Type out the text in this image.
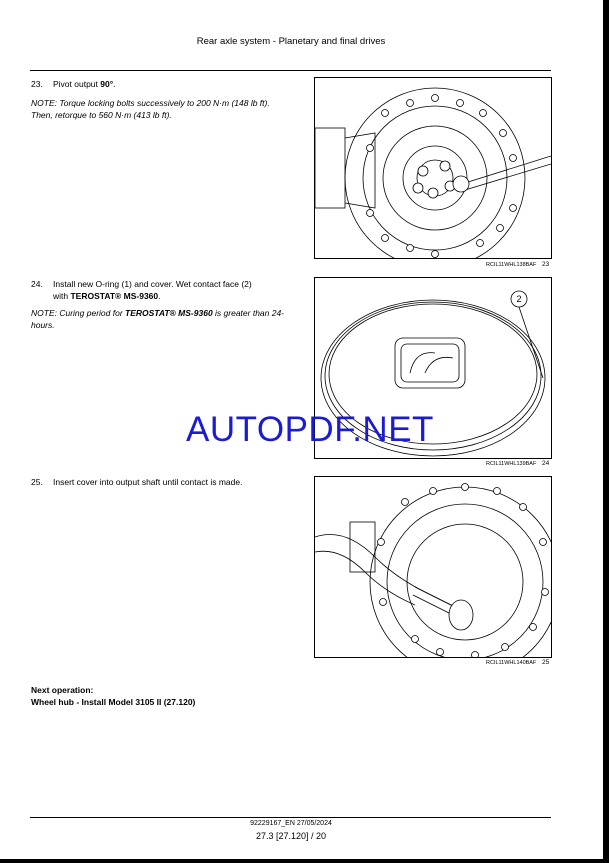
Rear axle system - Planetary and final drives
23. Pivot output 90°.
NOTE: Torque locking bolts successively to 200 N·m (148 lb ft). Then, retorque to 560 N·m (413 lb ft).
RCIL11WHL138BAF 23
24. Install new O-ring (1) and cover. Wet contact face (2)
with TEROSTAT® MS-9360.
NOTE: Curing period for TEROSTAT® MS-9360 is greater than 24-hours.
2
RCIL11WHL139BAF 24
AUTOPDF.NET
25. Insert cover into output shaft until contact is made.
RCIL11WHL140BAF 25
Next operation:
Wheel hub - Install Model 3105 II (27.120)
92229167_EN 27/05/2024
27.3 [27.120] / 20
